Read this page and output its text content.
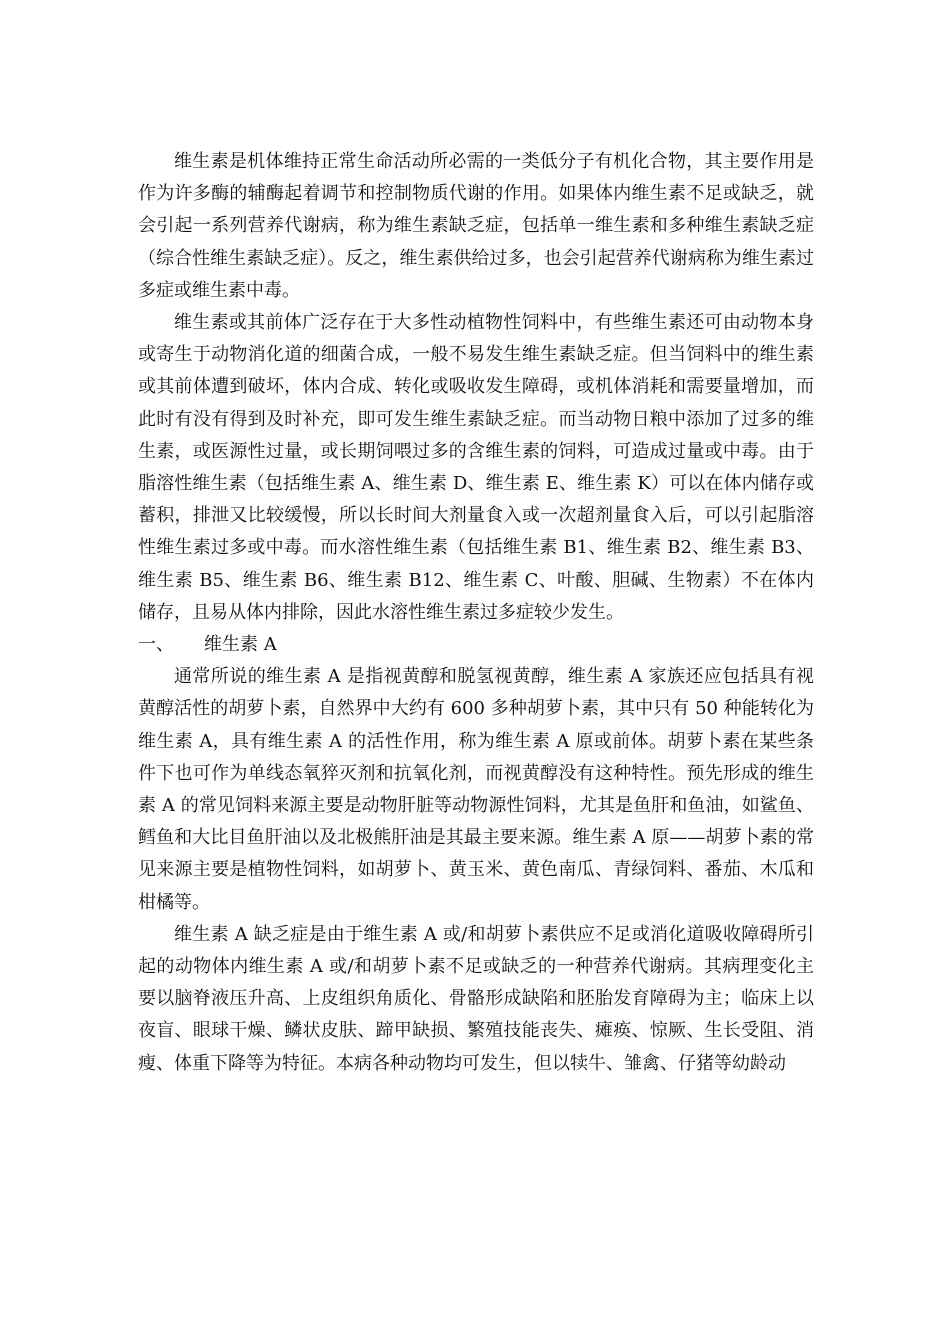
维生素是机体维持正常生命活动所必需的一类低分子有机化合物，其主要作用是作为许多酶的辅酶起着调节和控制物质代谢的作用。如果体内维生素不足或缺乏，就会引起一系列营养代谢病，称为维生素缺乏症，包括单一维生素和多种维生素缺乏症（综合性维生素缺乏症）。反之，维生素供给过多，也会引起营养代谢病称为维生素过多症或维生素中毒。

维生素或其前体广泛存在于大多性动植物性饲料中，有些维生素还可由动物本身或寄生于动物消化道的细菌合成，一般不易发生维生素缺乏症。但当饲料中的维生素或其前体遭到破坏，体内合成、转化或吸收发生障碍，或机体消耗和需要量增加，而此时有没有得到及时补充，即可发生维生素缺乏症。而当动物日粮中添加了过多的维生素，或医源性过量，或长期饲喂过多的含维生素的饲料，可造成过量或中毒。由于脂溶性维生素（包括维生素 A、维生素 D、维生素 E、维生素 K）可以在体内储存或蓄积，排泄又比较缓慢，所以长时间大剂量食入或一次超剂量食入后，可以引起脂溶性维生素过多或中毒。而水溶性维生素（包括维生素 B1、维生素 B2、维生素 B3、维生素 B5、维生素 B6、维生素 B12、维生素 C、叶酸、胆碱、生物素）不在体内储存，且易从体内排除，因此水溶性维生素过多症较少发生。

一、	维生素 A

通常所说的维生素 A 是指视黄醇和脱氢视黄醇，维生素 A 家族还应包括具有视黄醇活性的胡萝卜素，自然界中大约有 600 多种胡萝卜素，其中只有 50 种能转化为维生素 A，具有维生素 A 的活性作用，称为维生素 A 原或前体。胡萝卜素在某些条件下也可作为单线态氧猝灭剂和抗氧化剂，而视黄醇没有这种特性。预先形成的维生素 A 的常见饲料来源主要是动物肝脏等动物源性饲料，尤其是鱼肝和鱼油，如鲨鱼、鳕鱼和大比目鱼肝油以及北极熊肝油是其最主要来源。维生素 A 原——胡萝卜素的常见来源主要是植物性饲料，如胡萝卜、黄玉米、黄色南瓜、青绿饲料、番茄、木瓜和柑橘等。

维生素 A 缺乏症是由于维生素 A 或/和胡萝卜素供应不足或消化道吸收障碍所引起的动物体内维生素 A 或/和胡萝卜素不足或缺乏的一种营养代谢病。其病理变化主要以脑脊液压升高、上皮组织角质化、骨骼形成缺陷和胚胎发育障碍为主；临床上以夜盲、眼球干燥、鳞状皮肤、蹄甲缺损、繁殖技能丧失、瘫痪、惊厥、生长受阻、消瘦、体重下降等为特征。本病各种动物均可发生，但以犊牛、雏禽、仔猪等幼龄动
